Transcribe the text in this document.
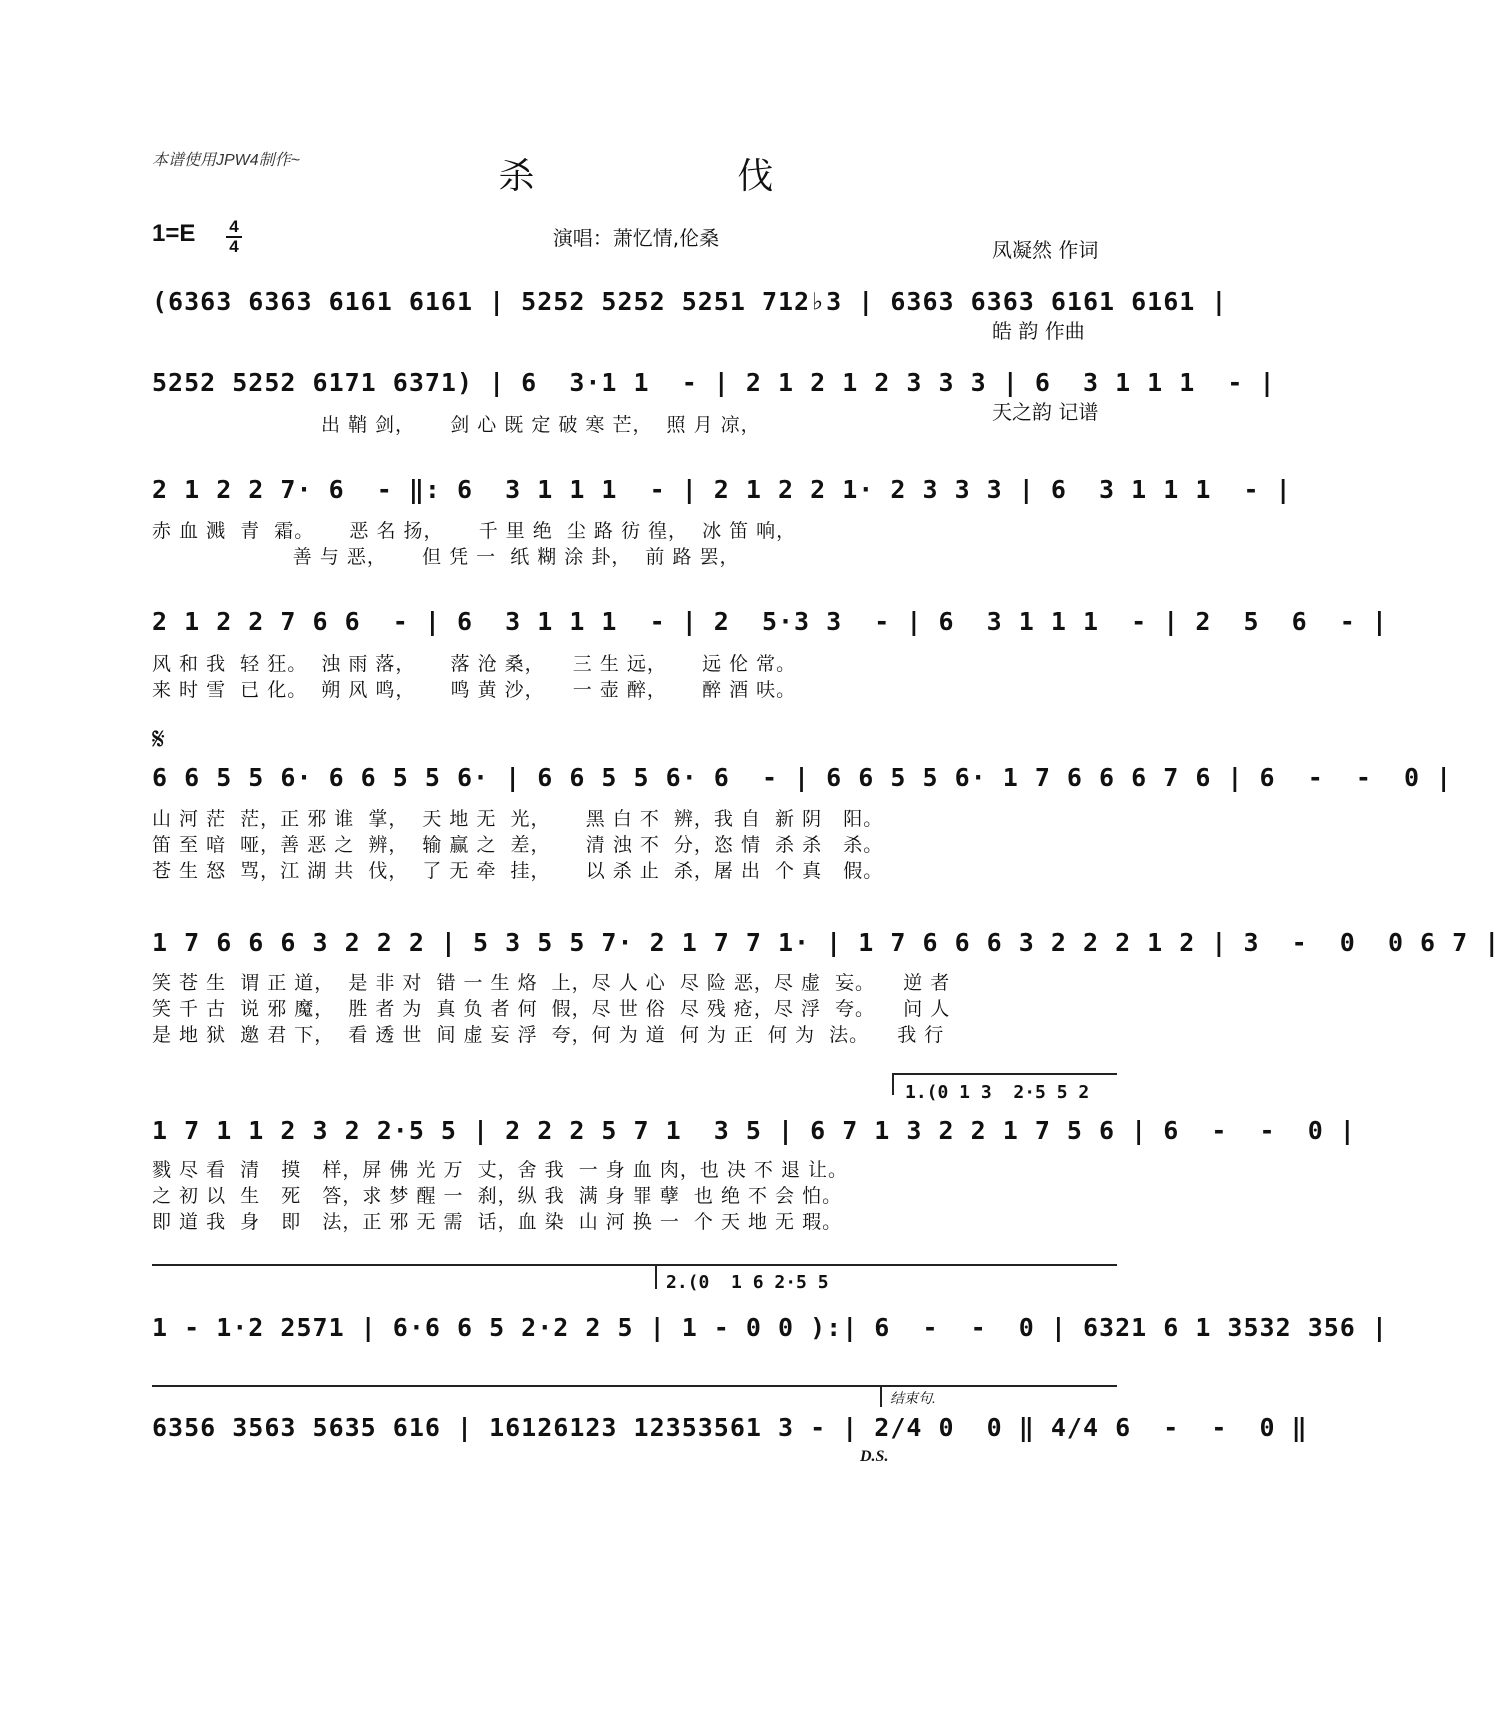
本谱使用JPW4制作~	杀  伐

凤凝然 作词

皓 韵 作曲

天之韵 记谱

1=E	4
4	演唱：萧忆情,伦桑
(6363 6363 6161 6161 | 5252 5252 5251 712♭3 | 6363 6363 6161 6161 |
5252 5252 6171 6371) | 6  3·1 1  - | 2 1 2 1 2 3 3 3 | 6  3 1 1 1  - |
出 鞘 剑，     剑 心 既 定 破 寒 芒，  照 月 凉，
2 1 2 2 7· 6  - ‖: 6  3 1 1 1  - | 2 1 2 2 1· 2 3 3 3 | 6  3 1 1 1  - |
赤 血 溅  青  霜。     恶 名 扬，     千 里 绝  尘 路 彷 徨，  冰 笛 响，
善 与 恶，     但 凭 一  纸 糊 涂 卦，  前 路 罢，
2 1 2 2 7 6 6  - | 6  3 1 1 1  - | 2  5·3 3  - | 6  3 1 1 1  - | 2  5  6  - |
风 和 我  轻 狂。  浊 雨 落，     落 沧 桑，    三 生 远，     远 伦 常。
来 时 雪  已 化。  朔 风 鸣，     鸣 黄 沙，    一 壶 醉，     醉 酒 呋。
𝄋
6 6 5 5 6· 6 6 5 5 6· | 6 6 5 5 6· 6  - | 6 6 5 5 6· 1 7 6 6 6 7 6 | 6  -  -  0 |
山 河 茫  茫，正 邪 谁  掌，  天 地 无  光，     黑 白 不  辨，我 自  新 阴   阳。
笛 至 喑  哑，善 恶 之  辨，  输 赢 之  差，     清 浊 不  分，恣 情  杀 杀   杀。
苍 生 怒  骂，江 湖 共  伐，  了 无 牵  挂，     以 杀 止  杀，屠 出  个 真   假。
1 7 6 6 6 3 2 2 2 | 5 3 5 5 7· 2 1 7 7 1· | 1 7 6 6 6 3 2 2 2 1 2 | 3  -  0  0 6 7 |
笑 苍 生  谓 正 道，  是 非 对  错 一 生 烙  上，尽 人 心  尽 险 恶，尽 虚  妄。    逆 者
笑 千 古  说 邪 魔，  胜 者 为  真 负 者 何  假，尽 世 俗  尽 残 疮，尽 浮  夸。    问 人
是 地 狱  邀 君 下，  看 透 世  间 虚 妄 浮  夸，何 为 道  何 为 正  何 为  法。    我 行
1.(0 1 3  2·5 5 2
1 7 1 1 2 3 2 2·5 5 | 2 2 2 5 7 1  3 5 | 6 7 1 3 2 2 1 7 5 6 | 6  -  -  0 |
戮 尽 看  清   摸   样，屏 佛 光 万  丈，舍 我  一 身 血 肉，也 决 不 退 让。
之 初 以  生   死   答，求 梦 醒 一  刹，纵 我  满 身 罪 孽  也 绝 不 会 怕。
即 道 我  身   即   法，正 邪 无 需  话，血 染  山 河 换 一  个 天 地 无 瑕。
2.(0  1 6 2·5 5
1 - 1·2 2571 | 6·6 6 5 2·2 2 5 | 1 - 0 0 ):| 6  -  -  0 | 6321 6 1 3532 356 |
结束句.
6356 3563 5635 616 | 16126123 12353561 3 - | 2/4 0  0 ‖ 4/4 6  -  -  0 ‖
D.S.
